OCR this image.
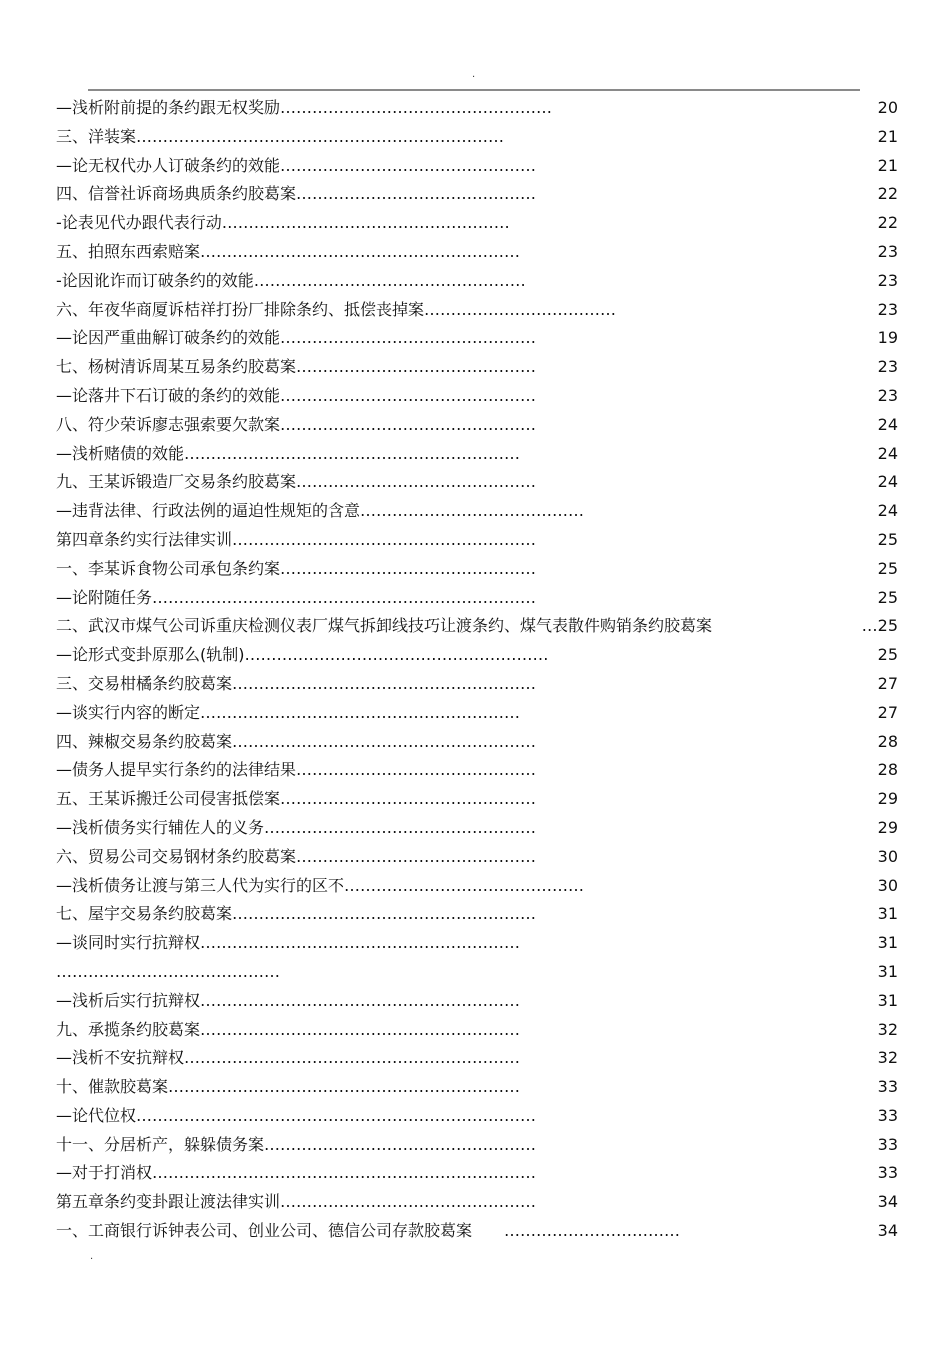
.
—浅析附前提的条约跟无权奖励……………………………………………	20
三、洋装案……………………………………………………………	21
—论无权代办人订破条约的效能…………………………………………	21
四、信誉社诉商场典质条约胶葛案………………………………………	22
-论表见代办跟代表行动………………………………………………	22
五、拍照东西索赔案……………………………………………………	23
-论因讹诈而订破条约的效能……………………………………………	23
六、年夜华商厦诉桔祥打扮厂排除条约、抵偿丧掉案………………………………	23
—论因严重曲解订破条约的效能…………………………………………	19
七、杨树清诉周某互易条约胶葛案………………………………………	23
—论落井下石订破的条约的效能…………………………………………	23
八、符少荣诉廖志强索要欠款案…………………………………………	24
—浅析赌债的效能………………………………………………………	24
九、王某诉锻造厂交易条约胶葛案………………………………………	24
—违背法律、行政法例的逼迫性规矩的含意……………………………………	24
第四章条约实行法律实训…………………………………………………	25
一、李某诉食物公司承包条约案…………………………………………	25
—论附随任务………………………………………………………………	25
二、武汉市煤气公司诉重庆检测仪表厂煤气拆卸线技巧让渡条约、煤气表散件购销条约胶葛案	…25
—论形式变卦原那么(轨制)…………………………………………………	25
三、交易柑橘条约胶葛案…………………………………………………	27
—谈实行内容的断定……………………………………………………	27
四、辣椒交易条约胶葛案…………………………………………………	28
—债务人提早实行条约的法律结果………………………………………	28
五、王某诉搬迁公司侵害抵偿案…………………………………………	29
—浅析债务实行辅佐人的义务……………………………………………	29
六、贸易公司交易钢材条约胶葛案………………………………………	30
—浅析债务让渡与第三人代为实行的区不………………………………………	30
七、屋宇交易条约胶葛案…………………………………………………	31
—谈同时实行抗辩权……………………………………………………	31
……………………………………	31
—浅析后实行抗辩权……………………………………………………	31
九、承揽条约胶葛案……………………………………………………	32
—浅析不安抗辩权………………………………………………………	32
十、催款胶葛案…………………………………………………………	33
—论代位权…………………………………………………………………	33
十一、分居析产，躲躲债务案……………………………………………	33
—对于打消权………………………………………………………………	33
第五章条约变卦跟让渡法律实训…………………………………………	34
一、工商银行诉钟表公司、创业公司、德信公司存款胶葛案　　……………………………	34
.
